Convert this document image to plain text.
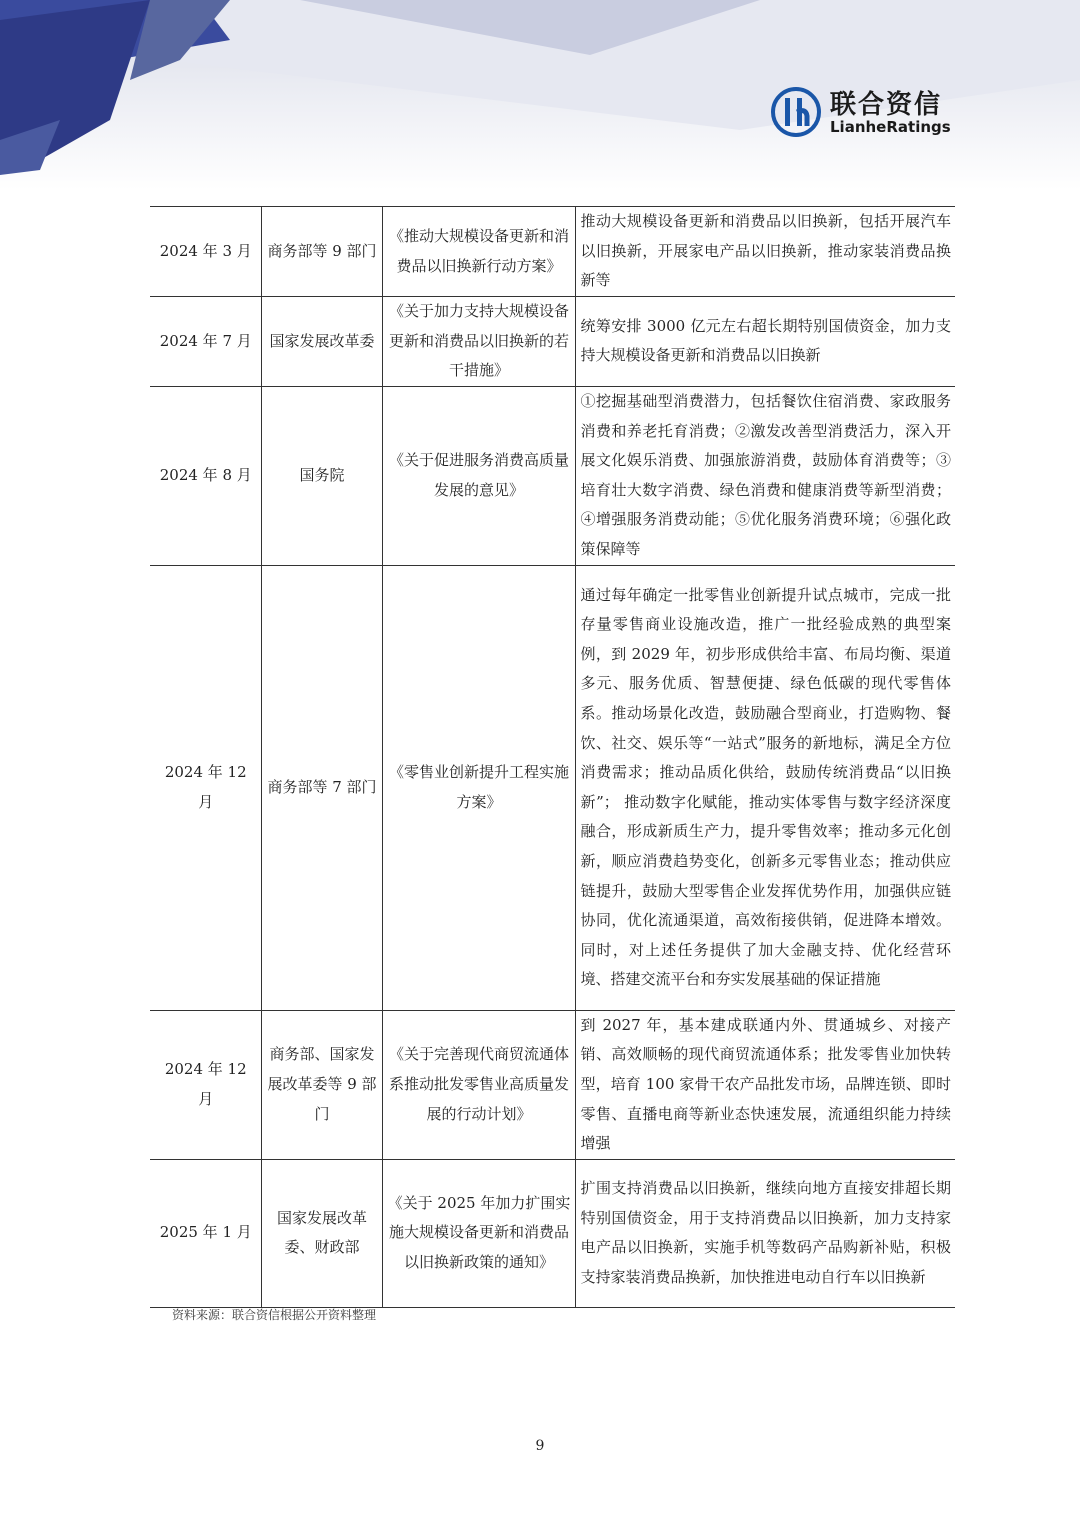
联合资信
LianheRatings
2024 年 3 月	商务部等 9 部门	《推动大规模设备更新和消费品以旧换新行动方案》	推动大规模设备更新和消费品以旧换新，包括开展汽车以旧换新，开展家电产品以旧换新，推动家装消费品换新等
2024 年 7 月	国家发展改革委	《关于加力支持大规模设备更新和消费品以旧换新的若干措施》	统筹安排 3000 亿元左右超长期特别国债资金，加力支持大规模设备更新和消费品以旧换新
2024 年 8 月	国务院	《关于促进服务消费高质量发展的意见》	①挖掘基础型消费潜力，包括餐饮住宿消费、家政服务消费和养老托育消费；②激发改善型消费活力，深入开展文化娱乐消费、加强旅游消费，鼓励体育消费等；③培育壮大数字消费、绿色消费和健康消费等新型消费；④增强服务消费动能；⑤优化服务消费环境；⑥强化政策保障等
2024 年 12 月	商务部等 7 部门	《零售业创新提升工程实施方案》	通过每年确定一批零售业创新提升试点城市，完成一批存量零售商业设施改造，推广一批经验成熟的典型案例，到 2029 年，初步形成供给丰富、布局均衡、渠道多元、服务优质、智慧便捷、绿色低碳的现代零售体系。推动场景化改造，鼓励融合型商业，打造购物、餐饮、社交、娱乐等“一站式”服务的新地标，满足全方位消费需求；推动品质化供给，鼓励传统消费品“以旧换新”； 推动数字化赋能，推动实体零售与数字经济深度融合，形成新质生产力，提升零售效率；推动多元化创新，顺应消费趋势变化，创新多元零售业态；推动供应链提升，鼓励大型零售企业发挥优势作用，加强供应链协同，优化流通渠道，高效衔接供销，促进降本增效。同时，对上述任务提供了加大金融支持、优化经营环境、搭建交流平台和夯实发展基础的保证措施
2024 年 12 月	商务部、国家发展改革委等 9 部门	《关于完善现代商贸流通体系推动批发零售业高质量发展的行动计划》	到 2027 年，基本建成联通内外、贯通城乡、对接产销、高效顺畅的现代商贸流通体系；批发零售业加快转型，培育 100 家骨干农产品批发市场，品牌连锁、即时零售、直播电商等新业态快速发展，流通组织能力持续增强
2025 年 1 月	国家发展改革委、财政部	《关于 2025 年加力扩围实施大规模设备更新和消费品以旧换新政策的通知》	扩围支持消费品以旧换新，继续向地方直接安排超长期特别国债资金，用于支持消费品以旧换新，加力支持家电产品以旧换新，实施手机等数码产品购新补贴，积极支持家装消费品换新，加快推进电动自行车以旧换新
资料来源：联合资信根据公开资料整理
9
